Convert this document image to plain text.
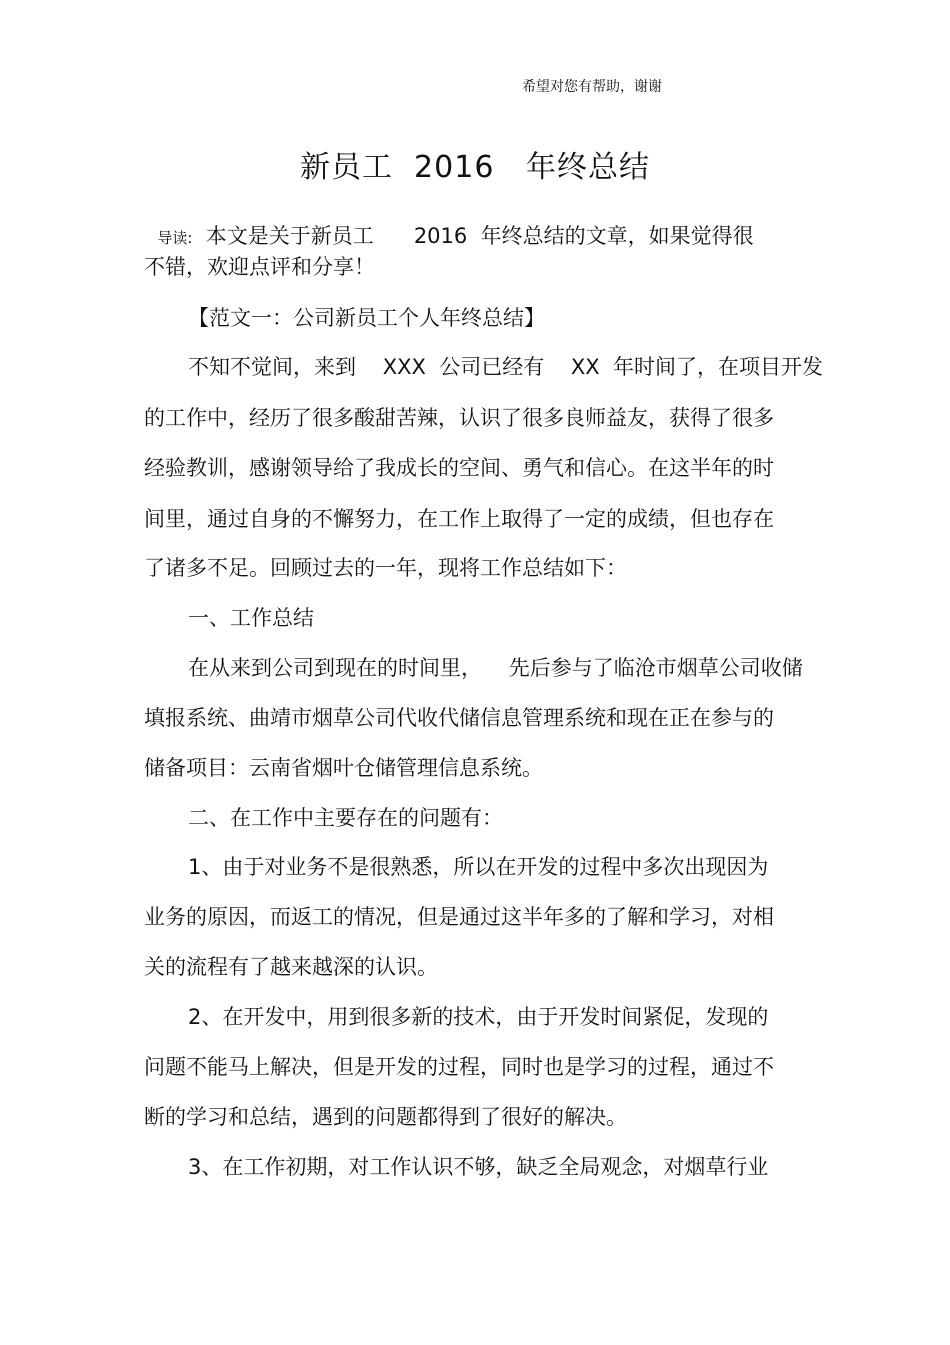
希望对您有帮助，谢谢
新员工  2016   年终总结

导读:  本文是关于新员工      2016  年终总结的文章，如果觉得很

不错，欢迎点评和分享！
【范文一：公司新员工个人年终总结】
不知不觉间，来到    XXX  公司已经有    XX  年时间了，在项目开发
的工作中，经历了很多酸甜苦辣，认识了很多良师益友，获得了很多
经验教训，感谢领导给了我成长的空间、勇气和信心。在这半年的时
间里，通过自身的不懈努力，在工作上取得了一定的成绩，但也存在
了诸多不足。回顾过去的一年，现将工作总结如下：
一、工作总结
在从来到公司到现在的时间里，    先后参与了临沧市烟草公司收储
填报系统、曲靖市烟草公司代收代储信息管理系统和现在正在参与的
储备项目：云南省烟叶仓储管理信息系统。
二、在工作中主要存在的问题有：
1、由于对业务不是很熟悉，所以在开发的过程中多次出现因为
业务的原因，而返工的情况，但是通过这半年多的了解和学习，对相
关的流程有了越来越深的认识。
2、在开发中，用到很多新的技术，由于开发时间紧促，发现的
问题不能马上解决，但是开发的过程，同时也是学习的过程，通过不
断的学习和总结，遇到的问题都得到了很好的解决。
3、在工作初期，对工作认识不够，缺乏全局观念，对烟草行业
